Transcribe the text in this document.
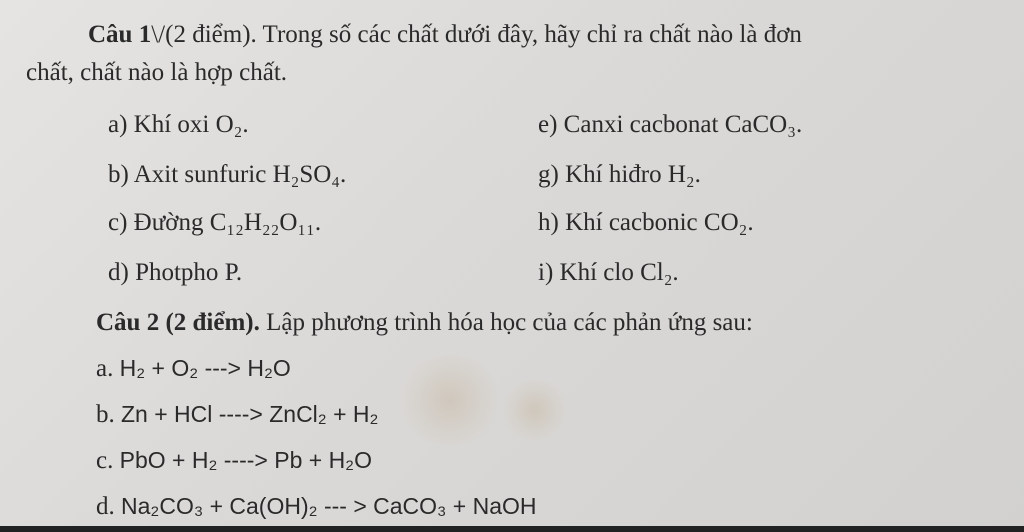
Câu 1\/(2 điểm). Trong số các chất dưới đây, hãy chỉ ra chất nào là đơn
chất, chất nào là hợp chất.
a) Khí oxi O₂.
b) Axit sunfuric H₂SO₄.
c) Đường C₁₂H₂₂O₁₁.
d) Photpho P.
e) Canxi cacbonat CaCO₃.
g) Khí hiđro H₂.
h) Khí cacbonic CO₂.
i) Khí clo Cl₂.
Câu 2 (2 điểm). Lập phương trình hóa học của các phản ứng sau:
a. H₂ + O₂ ---> H₂O
b. Zn + HCl ----> ZnCl₂ + H₂
c. PbO + H₂ ----> Pb + H₂O
d. Na₂CO₃ + Ca(OH)₂ --- > CaCO₃ + NaOH
